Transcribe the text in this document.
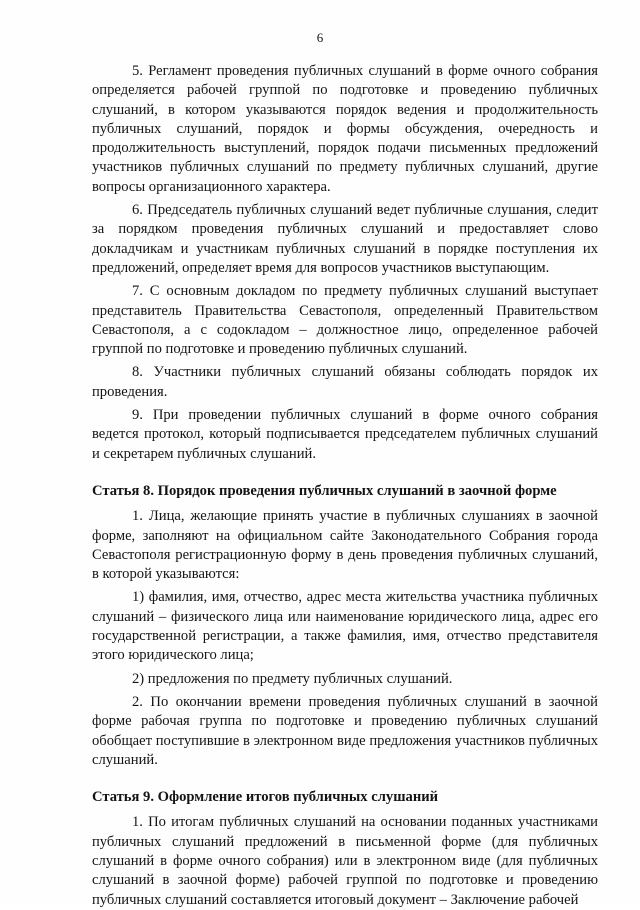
6

5. Регламент проведения публичных слушаний в форме очного собрания определяется рабочей группой по подготовке и проведению публичных слушаний, в котором указываются порядок ведения и продолжительность публичных слушаний, порядок и формы обсуждения, очередность и продолжительность выступлений, порядок подачи письменных предложений участников публичных слушаний по предмету публичных слушаний, другие вопросы организационного характера.

6. Председатель публичных слушаний ведет публичные слушания, следит за порядком проведения публичных слушаний и предоставляет слово докладчикам и участникам публичных слушаний в порядке поступления их предложений, определяет время для вопросов участников выступающим.

7. С основным докладом по предмету публичных слушаний выступает представитель Правительства Севастополя, определенный Правительством Севастополя, а с содокладом – должностное лицо, определенное рабочей группой по подготовке и проведению публичных слушаний.

8. Участники публичных слушаний обязаны соблюдать порядок их проведения.

9. При проведении публичных слушаний в форме очного собрания ведется протокол, который подписывается председателем публичных слушаний и секретарем публичных слушаний.

Статья 8. Порядок проведения публичных слушаний в заочной форме

1. Лица, желающие принять участие в публичных слушаниях в заочной форме, заполняют на официальном сайте Законодательного Собрания города Севастополя регистрационную форму в день проведения публичных слушаний, в которой указываются:

1) фамилия, имя, отчество, адрес места жительства участника публичных слушаний – физического лица или наименование юридического лица, адрес его государственной регистрации, а также фамилия, имя, отчество представителя этого юридического лица;

2) предложения по предмету публичных слушаний.

2. По окончании времени проведения публичных слушаний в заочной форме рабочая группа по подготовке и проведению публичных слушаний обобщает поступившие в электронном виде предложения участников публичных слушаний.

Статья 9. Оформление итогов публичных слушаний

1. По итогам публичных слушаний на основании поданных участниками публичных слушаний предложений в письменной форме (для публичных слушаний в форме очного собрания) или в электронном виде (для публичных слушаний в заочной форме) рабочей группой по подготовке и проведению публичных слушаний составляется итоговый документ – Заключение рабочей
